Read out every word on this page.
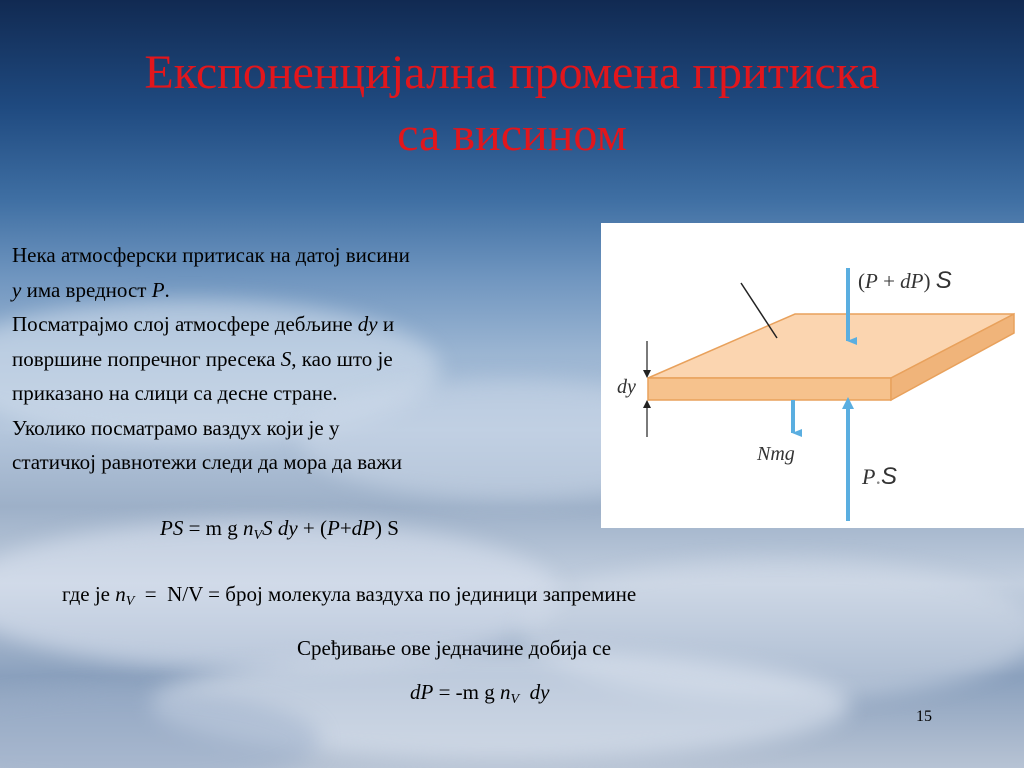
Експоненцијална промена притиска
са висином
Нека атмосферски притисак на датој висини
y има вредност P.
Посматрајмо слој атмосфере дебљине dy и
површине попречног пресека S, као што је
приказано на слици са десне стране.
Уколико посматрамо ваздух који је у
статичкој равнотежи следи да мора да важи
PS = m g $n_VS$ dy + (P+dP) S
где је $n_V = N/V$ = број молекула ваздуха по јединици запремине
Сређивање ове једначине добија се
dP = -m g $n_V$ dy
(P + dP) S
dy
Nmg
P.S
15
